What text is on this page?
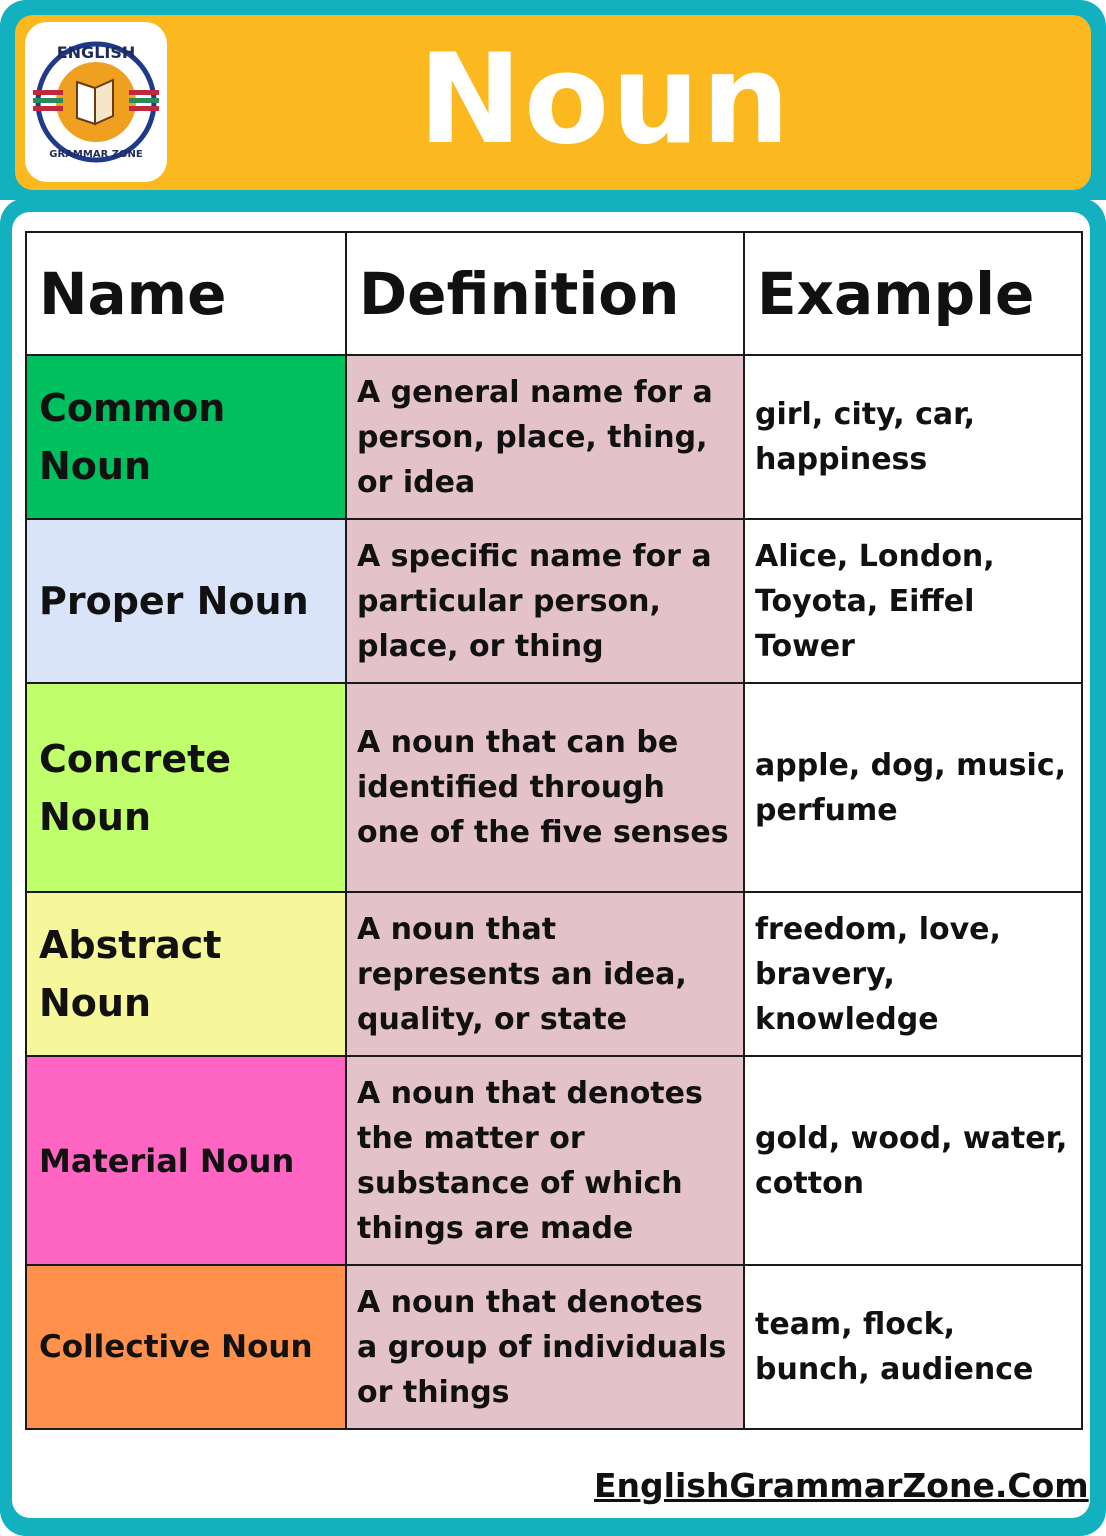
ENGLISH
GRAMMAR ZONE	Noun
Name	Definition	Example
Common Noun	A general name for a person, place, thing, or idea	girl, city, car, happiness
Proper Noun	A specific name for a particular person, place, or thing	Alice, London, Toyota, Eiffel Tower
Concrete Noun	A noun that can be identified through one of the five senses	apple, dog, music, perfume
Abstract Noun	A noun that represents an idea, quality, or state	freedom, love, bravery, knowledge
Material Noun	A noun that denotes the matter or substance of which things are made	gold, wood, water, cotton
Collective Noun	A noun that denotes a group of individuals or things	team, flock, bunch, audience
EnglishGrammarZone.Com
